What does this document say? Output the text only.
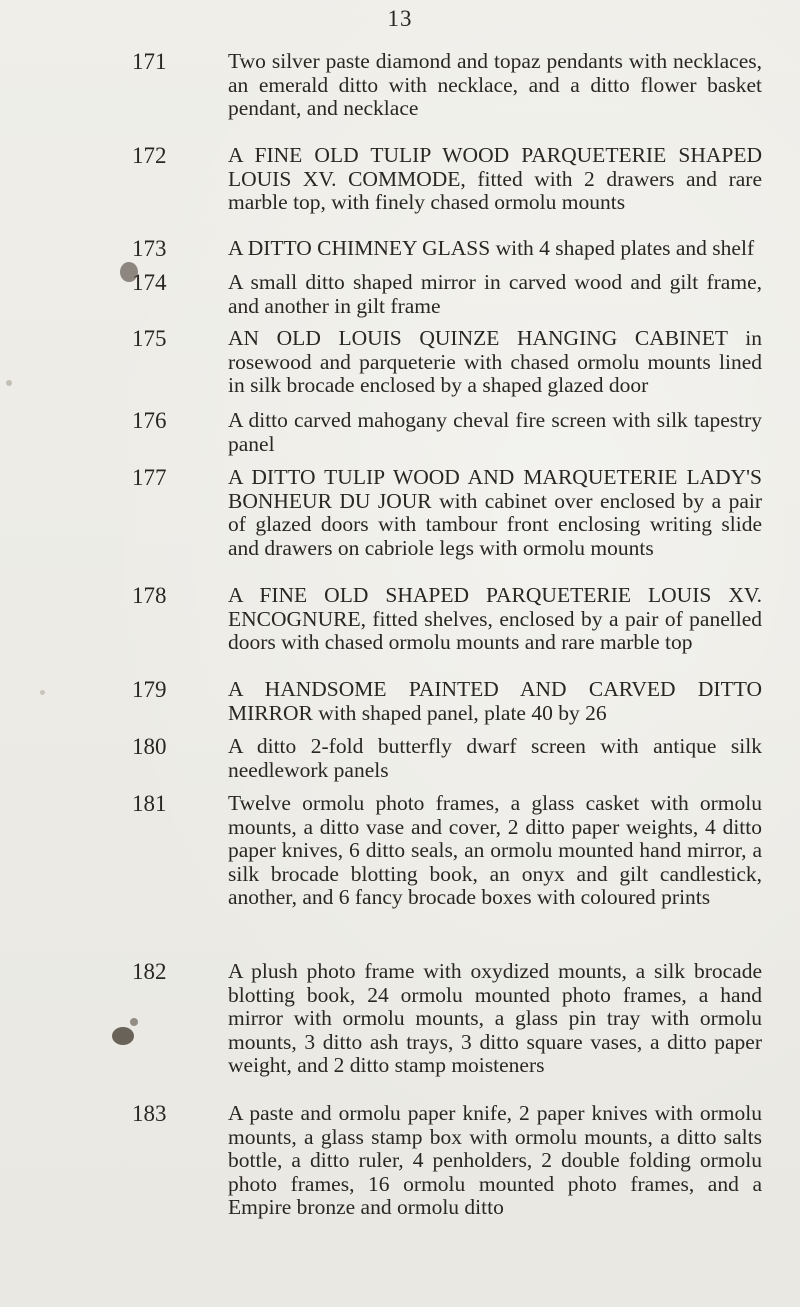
13
171	Two silver paste diamond and topaz pendants with necklaces, an emerald ditto with necklace, and a ditto flower basket pendant, and necklace

172	A FINE OLD TULIP WOOD PARQUETERIE SHAPED LOUIS XV. COMMODE, fitted with 2 drawers and rare marble top, with finely chased ormolu mounts

173	A DITTO CHIMNEY GLASS with 4 shaped plates and shelf

174	A small ditto shaped mirror in carved wood and gilt frame, and another in gilt frame

175	AN OLD LOUIS QUINZE HANGING CABINET in rosewood and parqueterie with chased ormolu mounts lined in silk brocade enclosed by a shaped glazed door

176	A ditto carved mahogany cheval fire screen with silk tapestry panel

177	A DITTO TULIP WOOD AND MARQUETERIE LADY'S BONHEUR DU JOUR with cabinet over enclosed by a pair of glazed doors with tambour front enclosing writing slide and drawers on cabriole legs with ormolu mounts

178	A FINE OLD SHAPED PARQUETERIE LOUIS XV. ENCOGNURE, fitted shelves, enclosed by a pair of panelled doors with chased ormolu mounts and rare marble top

179	A HANDSOME PAINTED AND CARVED DITTO MIRROR with shaped panel, plate 40 by 26

180	A ditto 2-fold butterfly dwarf screen with antique silk needlework panels

181	Twelve ormolu photo frames, a glass casket with ormolu mounts, a ditto vase and cover, 2 ditto paper weights, 4 ditto paper knives, 6 ditto seals, an ormolu mounted hand mirror, a silk brocade blotting book, an onyx and gilt candlestick, another, and 6 fancy brocade boxes with coloured prints

182	A plush photo frame with oxydized mounts, a silk brocade blotting book, 24 ormolu mounted photo frames, a hand mirror with ormolu mounts, a glass pin tray with ormolu mounts, 3 ditto ash trays, 3 ditto square vases, a ditto paper weight, and 2 ditto stamp moisteners

183	A paste and ormolu paper knife, 2 paper knives with ormolu mounts, a glass stamp box with ormolu mounts, a ditto salts bottle, a ditto ruler, 4 penholders, 2 double folding ormolu photo frames, 16 ormolu mounted photo frames, and a Empire bronze and ormolu ditto
